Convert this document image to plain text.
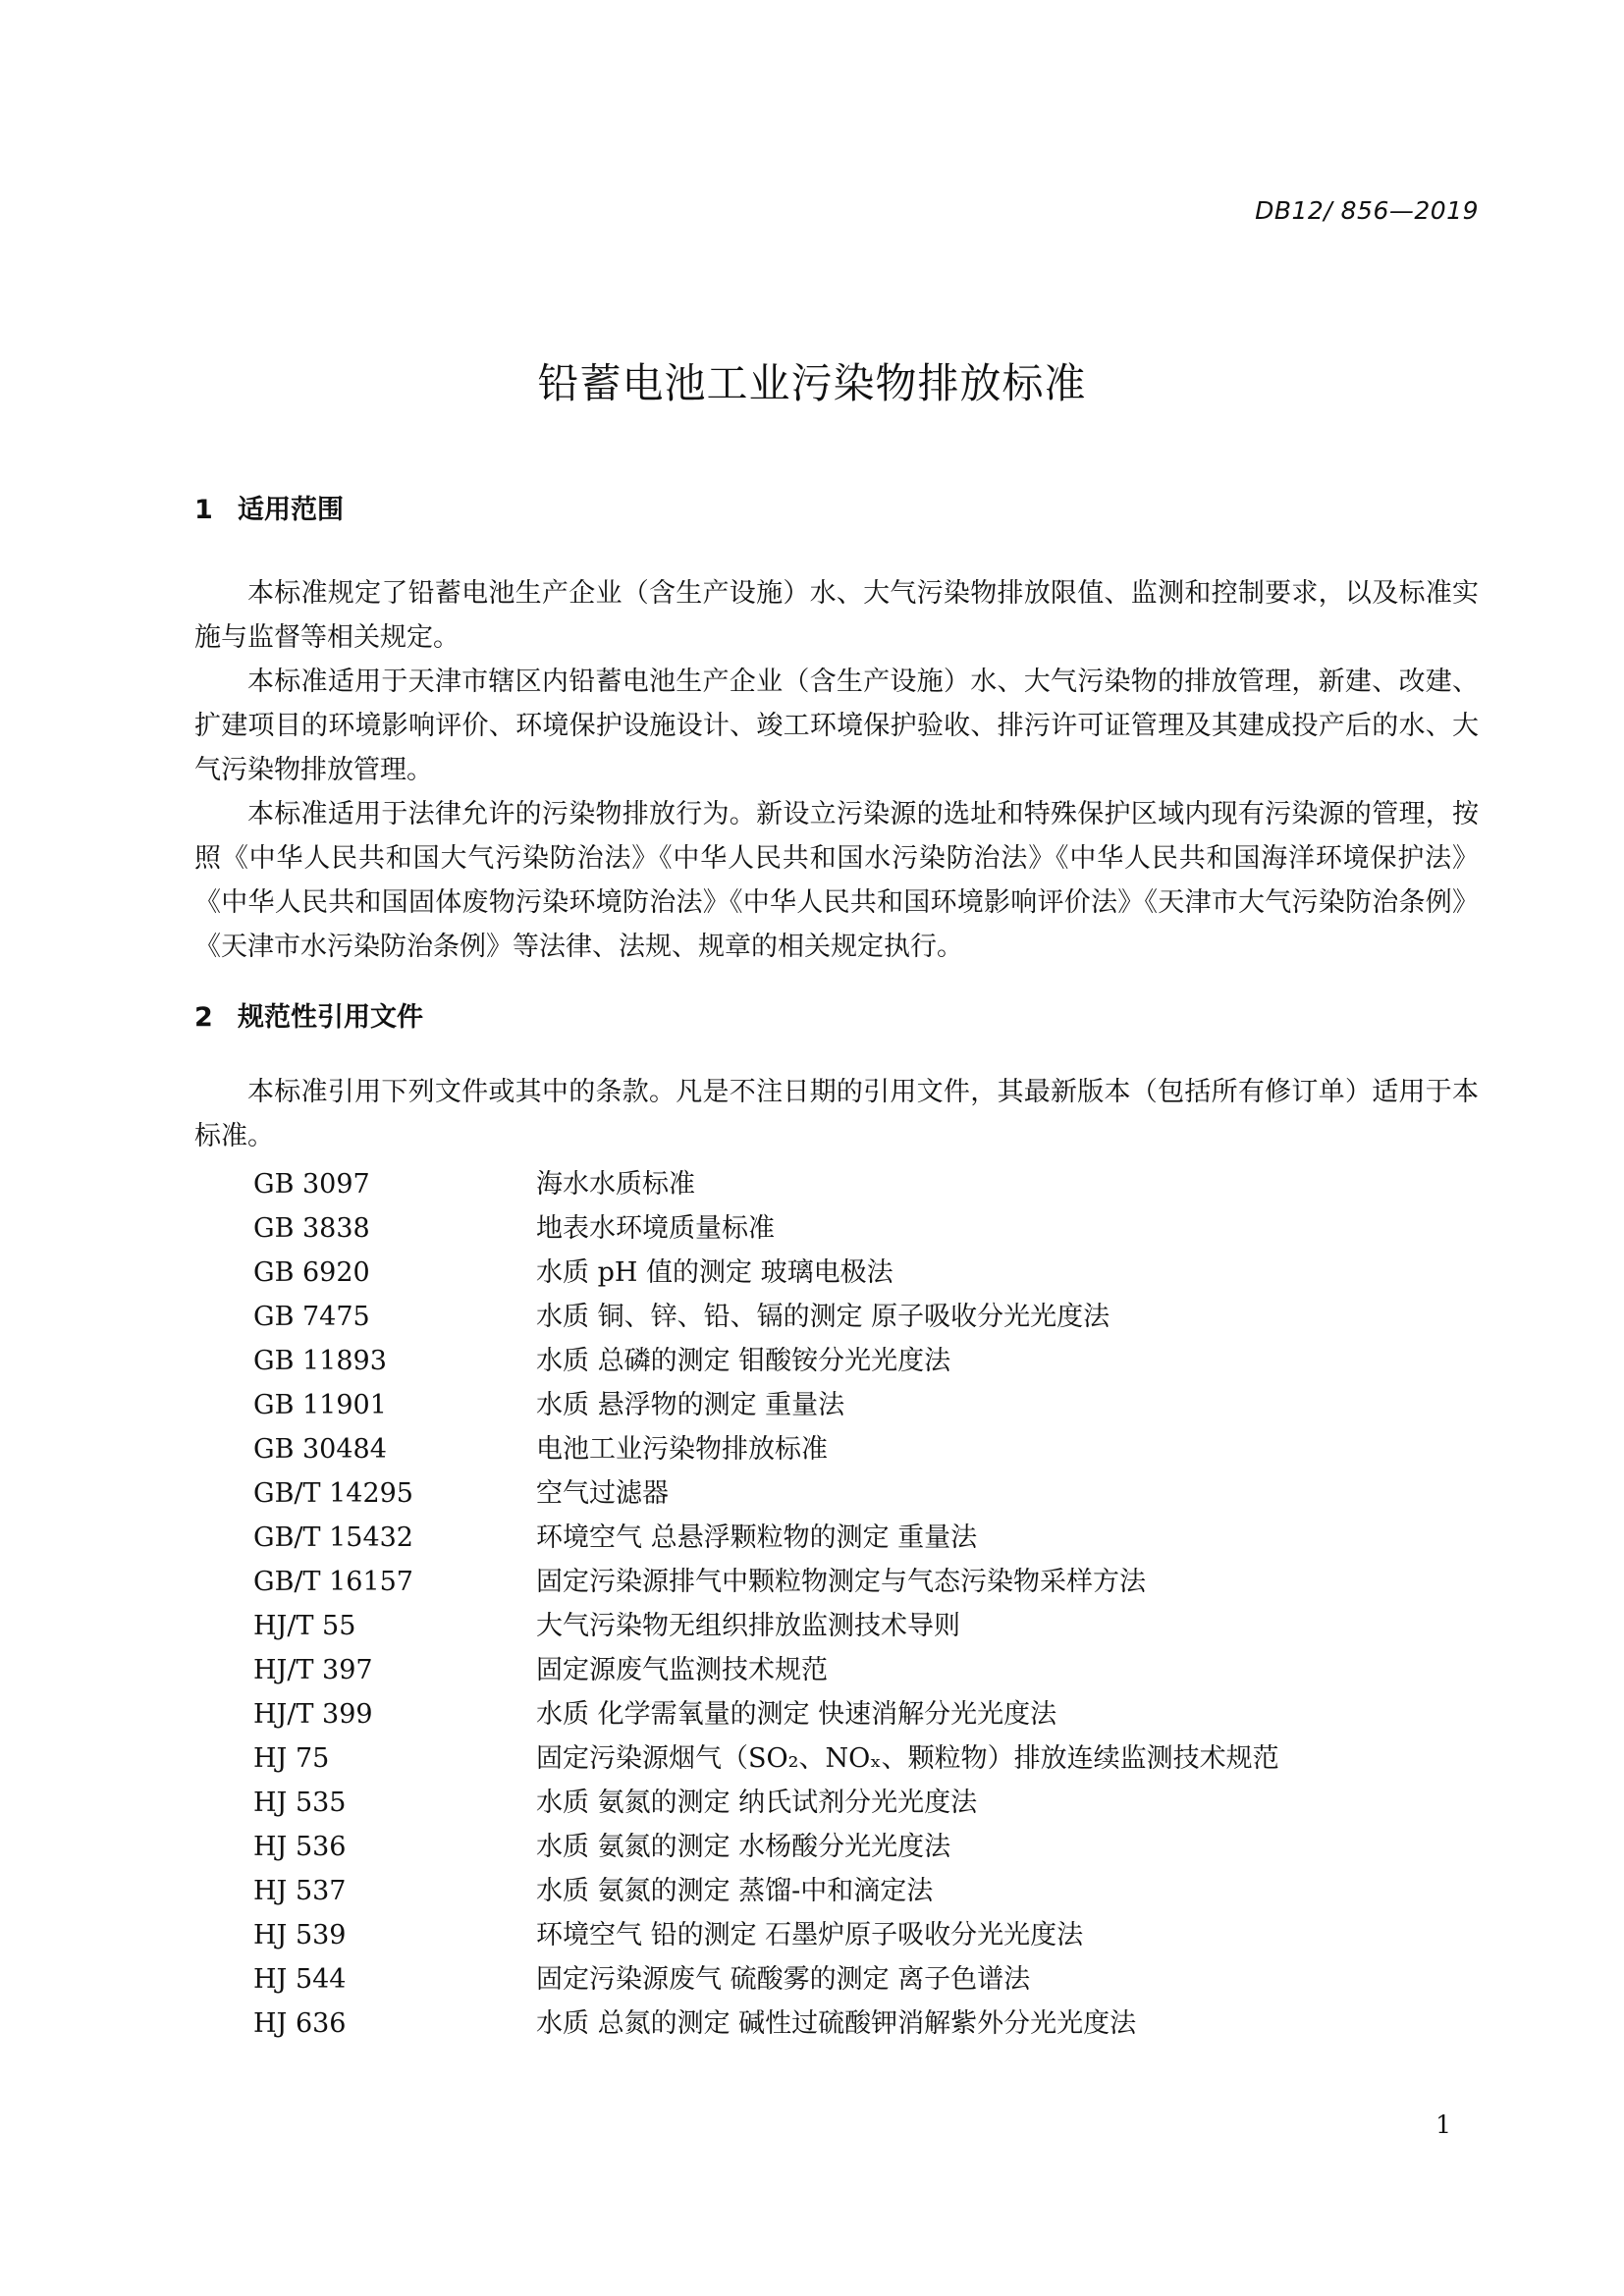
DB12/ 856—2019
铅蓄电池工业污染物排放标准
1 适用范围

本标准规定了铅蓄电池生产企业（含生产设施）水、大气污染物排放限值、监测和控制要求，以及标准实施与监督等相关规定。

本标准适用于天津市辖区内铅蓄电池生产企业（含生产设施）水、大气污染物的排放管理，新建、改建、扩建项目的环境影响评价、环境保护设施设计、竣工环境保护验收、排污许可证管理及其建成投产后的水、大气污染物排放管理。

本标准适用于法律允许的污染物排放行为。新设立污染源的选址和特殊保护区域内现有污染源的管理，按照《中华人民共和国大气污染防治法》《中华人民共和国水污染防治法》《中华人民共和国海洋环境保护法》《中华人民共和国固体废物污染环境防治法》《中华人民共和国环境影响评价法》《天津市大气污染防治条例》《天津市水污染防治条例》等法律、法规、规章的相关规定执行。

2 规范性引用文件

本标准引用下列文件或其中的条款。凡是不注日期的引用文件，其最新版本（包括所有修订单）适用于本标准。

GB 3097	海水水质标准
GB 3838	地表水环境质量标准
GB 6920	水质 pH 值的测定 玻璃电极法
GB 7475	水质 铜、锌、铅、镉的测定 原子吸收分光光度法
GB 11893	水质 总磷的测定 钼酸铵分光光度法
GB 11901	水质 悬浮物的测定 重量法
GB 30484	电池工业污染物排放标准
GB/T 14295	空气过滤器
GB/T 15432	环境空气 总悬浮颗粒物的测定 重量法
GB/T 16157	固定污染源排气中颗粒物测定与气态污染物采样方法
HJ/T 55	大气污染物无组织排放监测技术导则
HJ/T 397	固定源废气监测技术规范
HJ/T 399	水质 化学需氧量的测定 快速消解分光光度法
HJ 75	固定污染源烟气（SO₂、NOₓ、颗粒物）排放连续监测技术规范
HJ 535	水质 氨氮的测定 纳氏试剂分光光度法
HJ 536	水质 氨氮的测定 水杨酸分光光度法
HJ 537	水质 氨氮的测定 蒸馏-中和滴定法
HJ 539	环境空气 铅的测定 石墨炉原子吸收分光光度法
HJ 544	固定污染源废气 硫酸雾的测定 离子色谱法
HJ 636	水质 总氮的测定 碱性过硫酸钾消解紫外分光光度法
1
